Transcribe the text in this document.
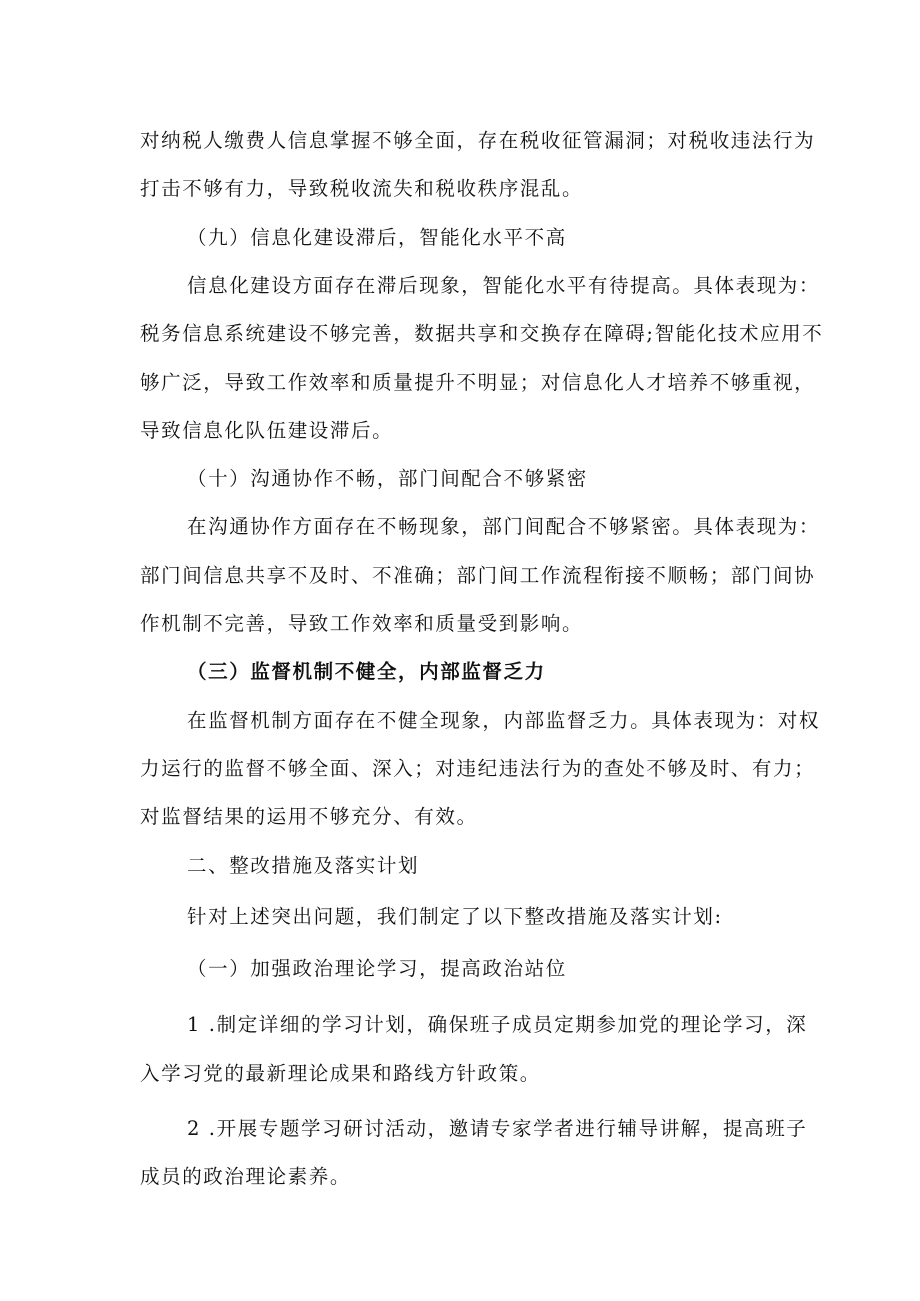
对纳税人缴费人信息掌握不够全面，存在税收征管漏洞；对税收违法行为
打击不够有力，导致税收流失和税收秩序混乱。
（九）信息化建设滞后，智能化水平不高
信息化建设方面存在滞后现象，智能化水平有待提高。具体表现为：
税务信息系统建设不够完善，数据共享和交换存在障碍;智能化技术应用不
够广泛，导致工作效率和质量提升不明显；对信息化人才培养不够重视，
导致信息化队伍建设滞后。
（十）沟通协作不畅，部门间配合不够紧密
在沟通协作方面存在不畅现象，部门间配合不够紧密。具体表现为：
部门间信息共享不及时、不准确；部门间工作流程衔接不顺畅；部门间协
作机制不完善，导致工作效率和质量受到影响。
（三）监督机制不健全，内部监督乏力
在监督机制方面存在不健全现象，内部监督乏力。具体表现为：对权
力运行的监督不够全面、深入；对违纪违法行为的查处不够及时、有力；
对监督结果的运用不够充分、有效。
二、整改措施及落实计划
针对上述突出问题，我们制定了以下整改措施及落实计划:
（一）加强政治理论学习，提高政治站位
1 .制定详细的学习计划，确保班子成员定期参加党的理论学习，深
入学习党的最新理论成果和路线方针政策。
2 .开展专题学习研讨活动，邀请专家学者进行辅导讲解，提高班子
成员的政治理论素养。
